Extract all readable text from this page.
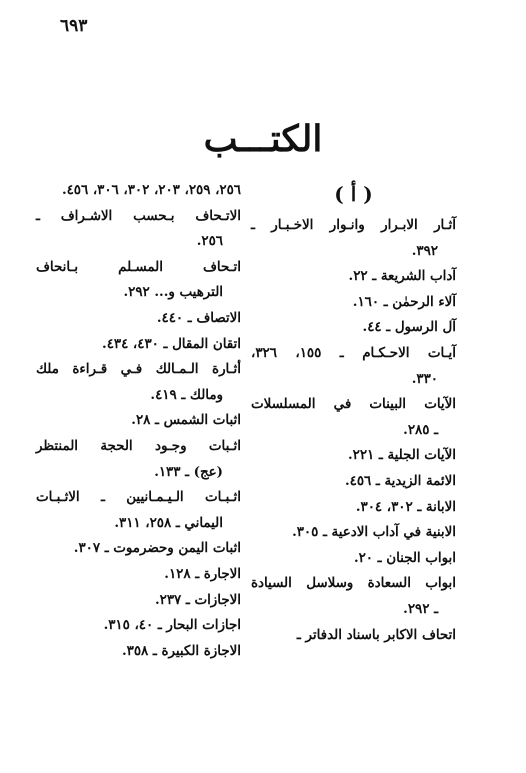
٦٩٣
الكتـــب
( أ )
آثـار الابـرار وانـوار الاخـبـار ـ
۳۹۲.
آداب الشريعة ـ ۲۲.
آلاء الرحمٰن ـ ١٦٠.
آل الرسول ـ ٤٤.
آيـات الاحـكـام ـ ١٥٥، ٣٢٦،
٣٣٠.
الآيات البينات في المسلسلات
ـ ٢٨٥.
الآيات الجلية ـ ٢٢١.
الائمة الزيدية ـ ٤٥٦.
الابانة ـ ٣٠٢، ٣٠٤.
الابنية في آداب الادعية ـ ٣٠٥.
ابواب الجنان ـ ٢٠.
ابواب السعادة وسلاسل السيادة
ـ ٢٩٢.
اتحاف الاكابر باسناد الدفاتر ـ
٢٥٦، ٢٥٩، ٢٠٣، ٣٠٢، ٣٠٦، ٤٥٦.
الاتـحاف بـحسب الاشـراف ـ
٢٥٦.
اتـحاف المسـلم بـانحاف
الترهيب و... ٢٩٢.
الاتصاف ـ ٤٤٠.
اتقان المقال ـ ٤٣٠، ٤٣٤.
أثـارة الـمـالك فـي قـراءة ملك
ومالك ـ ٤١٩.
اثبات الشمس ـ ٢٨.
اثـبات وجـود الحجة المنتظر
(عج) ـ ١٣٣.
اثـبـات الـيـمـانيين ـ الاثـبـات
اليماني ـ ٢٥٨، ٣١١.
اثبات اليمن وحضرموت ـ ٣٠٧.
الاجارة ـ ١٢٨.
الاجازات ـ ٢٣٧.
اجازات البحار ـ ٤٠، ٣١٥.
الاجازة الكبيرة ـ ٣٥٨.
